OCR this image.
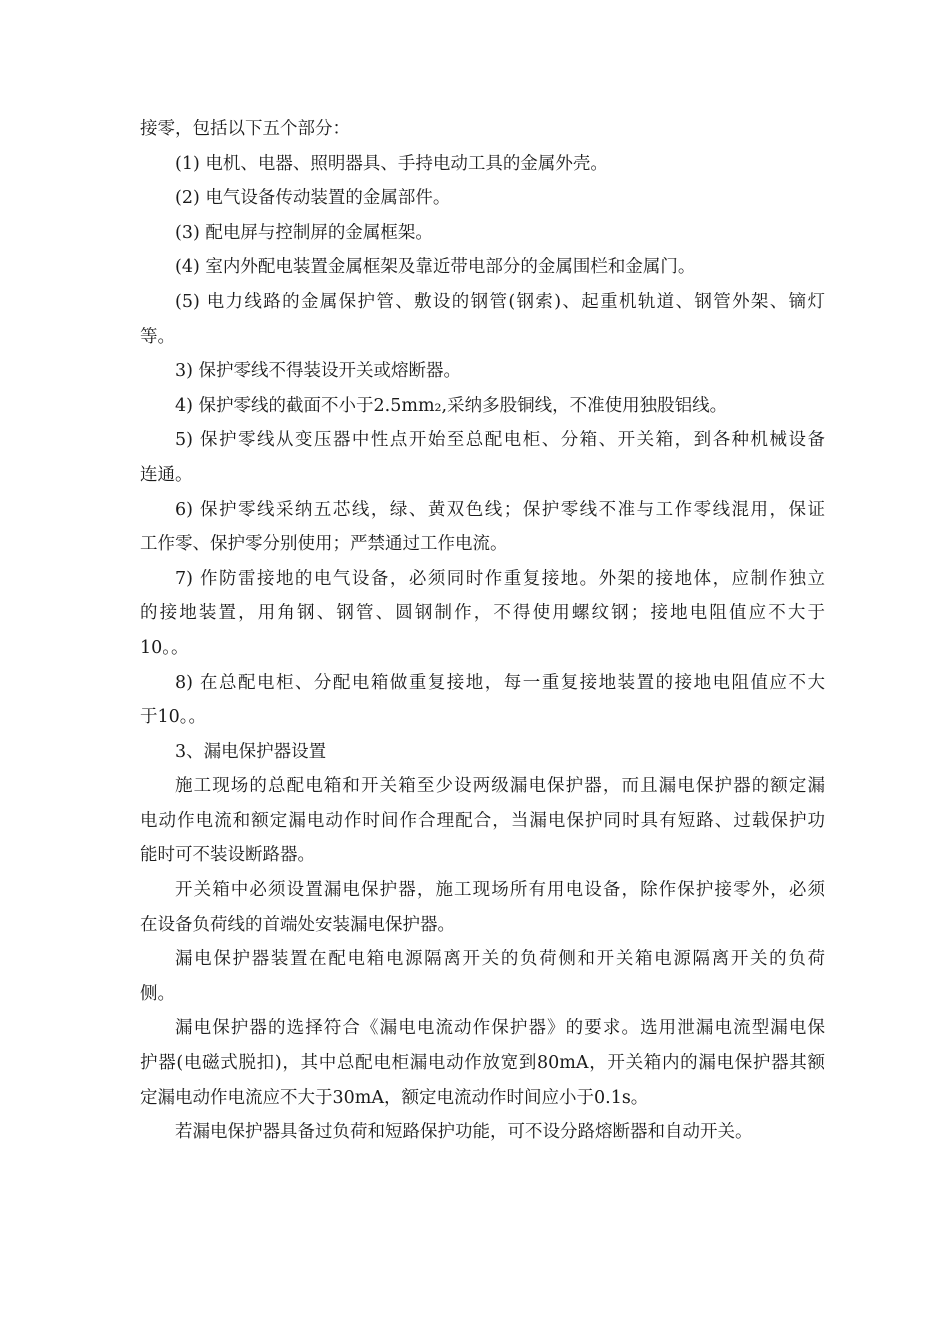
接零，包括以下五个部分：

(1) 电机、电器、照明器具、手持电动工具的金属外壳。

(2) 电气设备传动装置的金属部件。

(3) 配电屏与控制屏的金属框架。

(4) 室内外配电装置金属框架及靠近带电部分的金属围栏和金属门。

(5) 电力线路的金属保护管、敷设的钢管(钢索)、起重机轨道、钢管外架、镝灯

等。

3) 保护零线不得装设开关或熔断器。

4) 保护零线的截面不小于2.5mm₂,采纳多股铜线，不准使用独股铝线。

5) 保护零线从变压器中性点开始至总配电柜、分箱、开关箱，到各种机械设备

连通。

6) 保护零线采纳五芯线，绿、黄双色线；保护零线不准与工作零线混用，保证

工作零、保护零分别使用；严禁通过工作电流。

7) 作防雷接地的电气设备，必须同时作重复接地。外架的接地体，应制作独立

的接地装置，用角钢、钢管、圆钢制作，不得使用螺纹钢；接地电阻值应不大于

10。。

8) 在总配电柜、分配电箱做重复接地，每一重复接地装置的接地电阻值应不大

于10。。

3、漏电保护器设置

施工现场的总配电箱和开关箱至少设两级漏电保护器，而且漏电保护器的额定漏

电动作电流和额定漏电动作时间作合理配合，当漏电保护同时具有短路、过载保护功

能时可不装设断路器。

开关箱中必须设置漏电保护器，施工现场所有用电设备，除作保护接零外，必须

在设备负荷线的首端处安装漏电保护器。

漏电保护器装置在配电箱电源隔离开关的负荷侧和开关箱电源隔离开关的负荷

侧。

漏电保护器的选择符合《漏电电流动作保护器》的要求。选用泄漏电流型漏电保

护器(电磁式脱扣)，其中总配电柜漏电动作放宽到80mA，开关箱内的漏电保护器其额

定漏电动作电流应不大于30mA，额定电流动作时间应小于0.1s。

若漏电保护器具备过负荷和短路保护功能，可不设分路熔断器和自动开关。
